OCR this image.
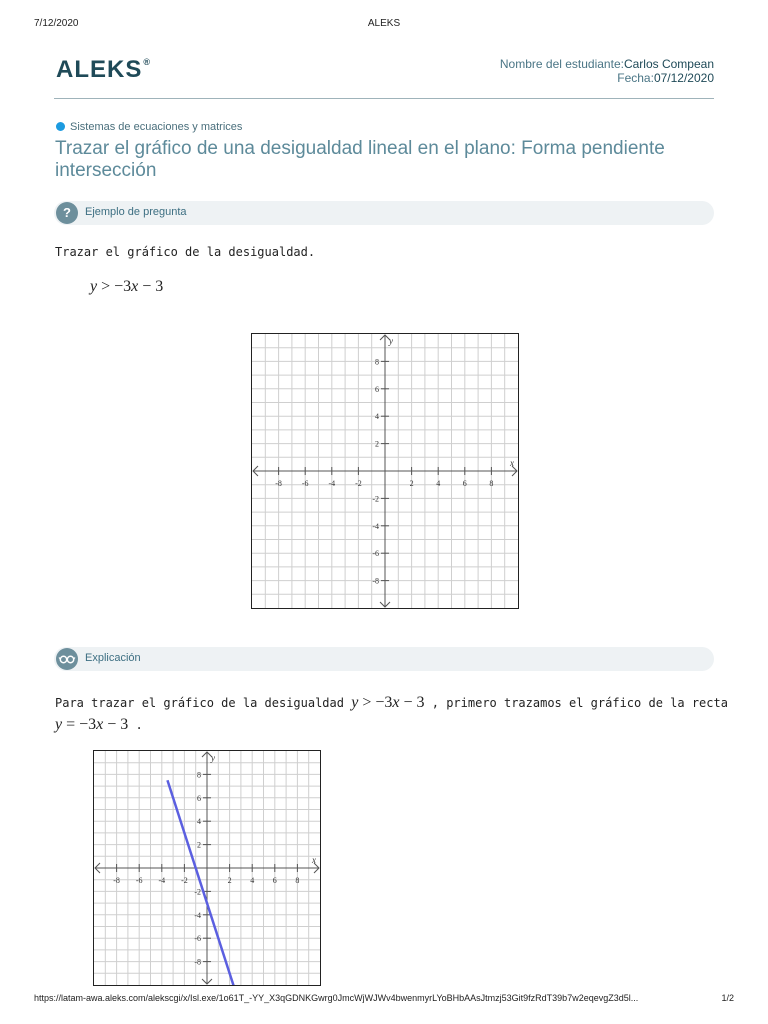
7/12/2020	ALEKS
ALEKS®	Nombre del estudiante:Carlos Compean
Fecha:07/12/2020
Sistemas de ecuaciones y matrices
Trazar el gráfico de una desigualdad lineal en el plano: Forma pendiente intersección
?	Ejemplo de pregunta
Trazar el gráfico de la desigualdad.
y > −3x − 3
-8 -6 -4 -2	2	4	6	8
-8
-6
-4
-2
2
4
6
8
x
y
Explicación
Para trazar el gráfico de la desigualdad y > −3x − 3 , primero trazamos el gráfico de la recta
y = −3x − 3 .
-8 -6 -4 -2	2 4 6 8
-8
-6
-4
-2
2
4
6
8
x
y
https://latam-awa.aleks.com/alekscgi/x/Isl.exe/1o61T_-YY_X3qGDNKGwrg0JmcWjWJWv4bwenmyrLYoBHbAAsJtmzj53Git9fzRdT39b7w2eqevgZ3d5l...	1/2
